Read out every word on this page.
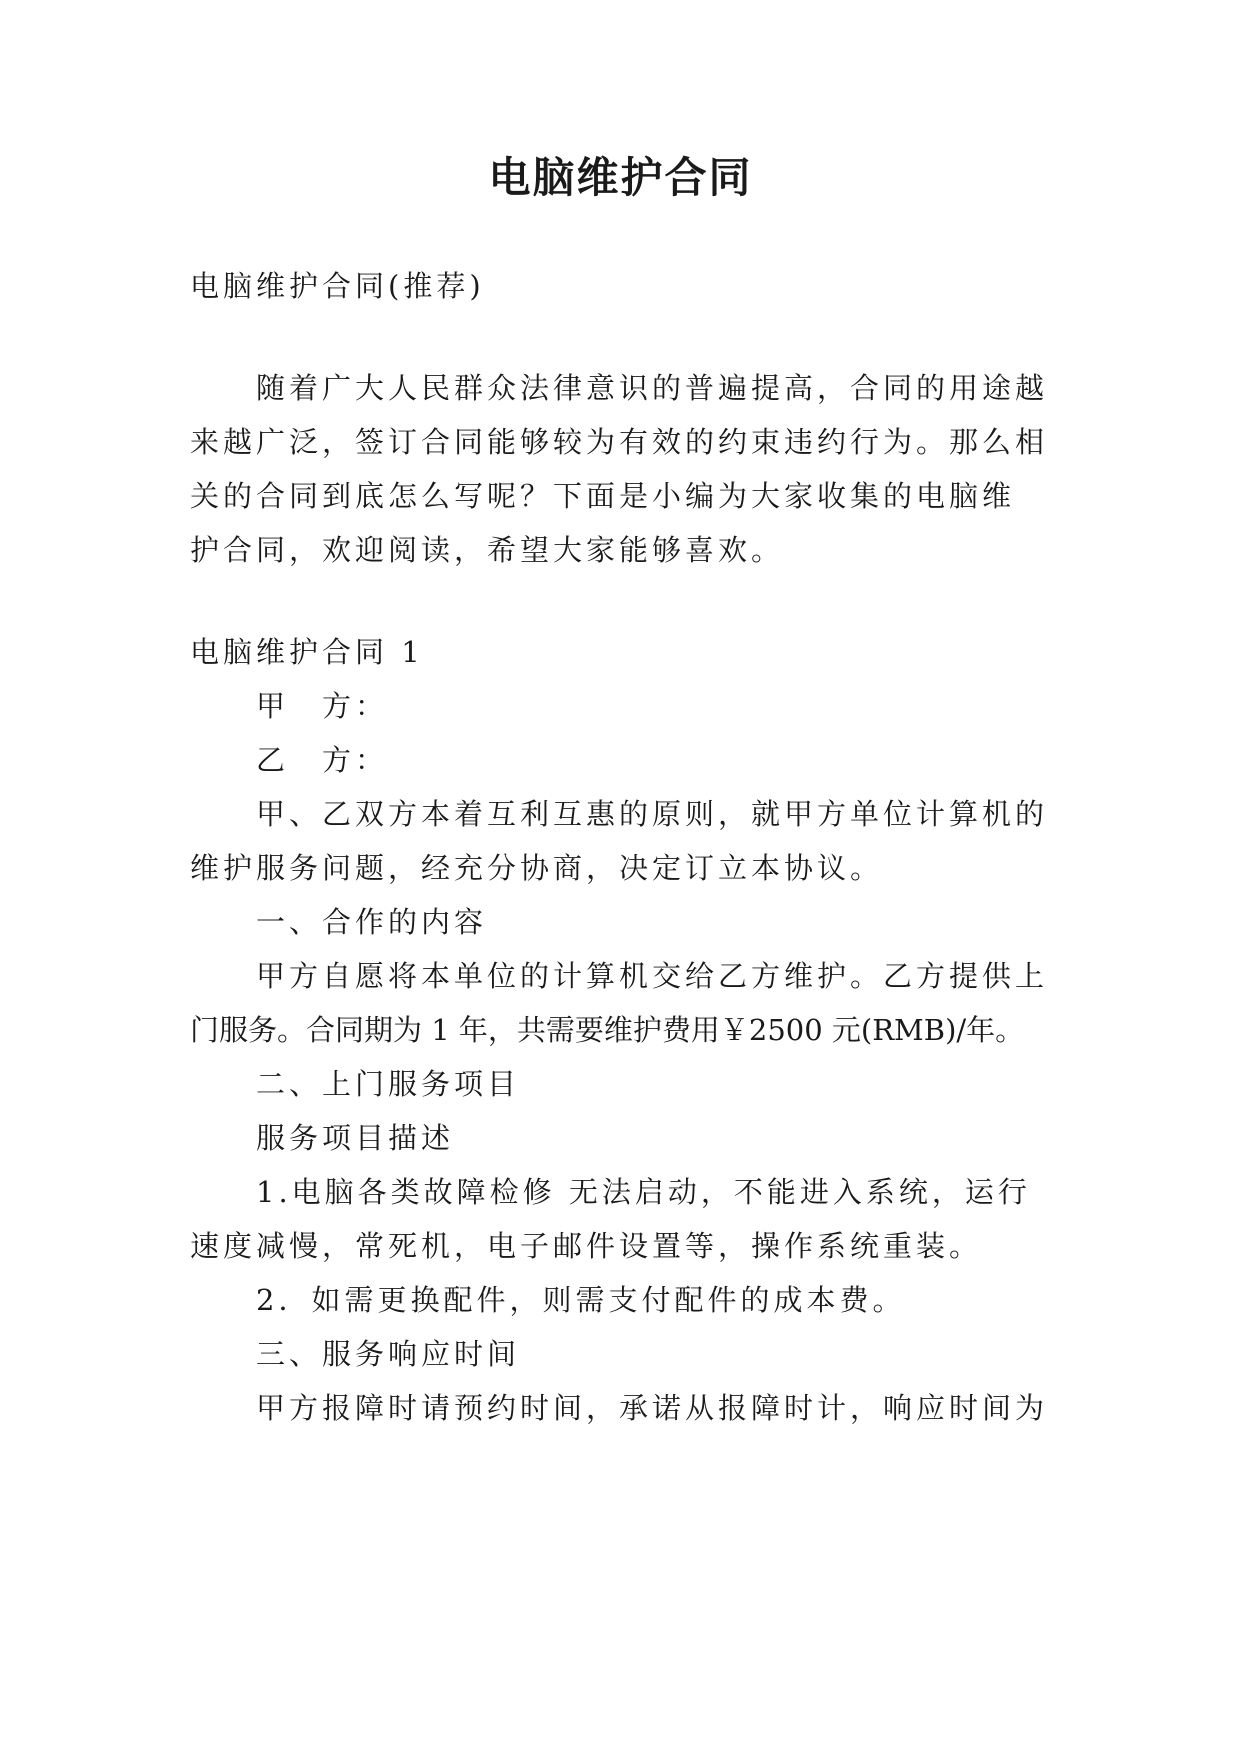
电脑维护合同
电脑维护合同(推荐)
随着广大人民群众法律意识的普遍提高，合同的用途越
来越广泛，签订合同能够较为有效的约束违约行为。那么相
关的合同到底怎么写呢？下面是小编为大家收集的电脑维
护合同，欢迎阅读，希望大家能够喜欢。
电脑维护合同 1
甲　方：
乙　方：
甲、乙双方本着互利互惠的原则，就甲方单位计算机的
维护服务问题，经充分协商，决定订立本协议。
一、合作的内容
甲方自愿将本单位的计算机交给乙方维护。乙方提供上
门服务。合同期为 1 年，共需要维护费用￥2500 元(RMB)/年。
二、上门服务项目
服务项目描述
1.电脑各类故障检修 无法启动，不能进入系统，运行
速度减慢，常死机，电子邮件设置等，操作系统重装。
2．如需更换配件，则需支付配件的成本费。
三、服务响应时间
甲方报障时请预约时间，承诺从报障时计，响应时间为
